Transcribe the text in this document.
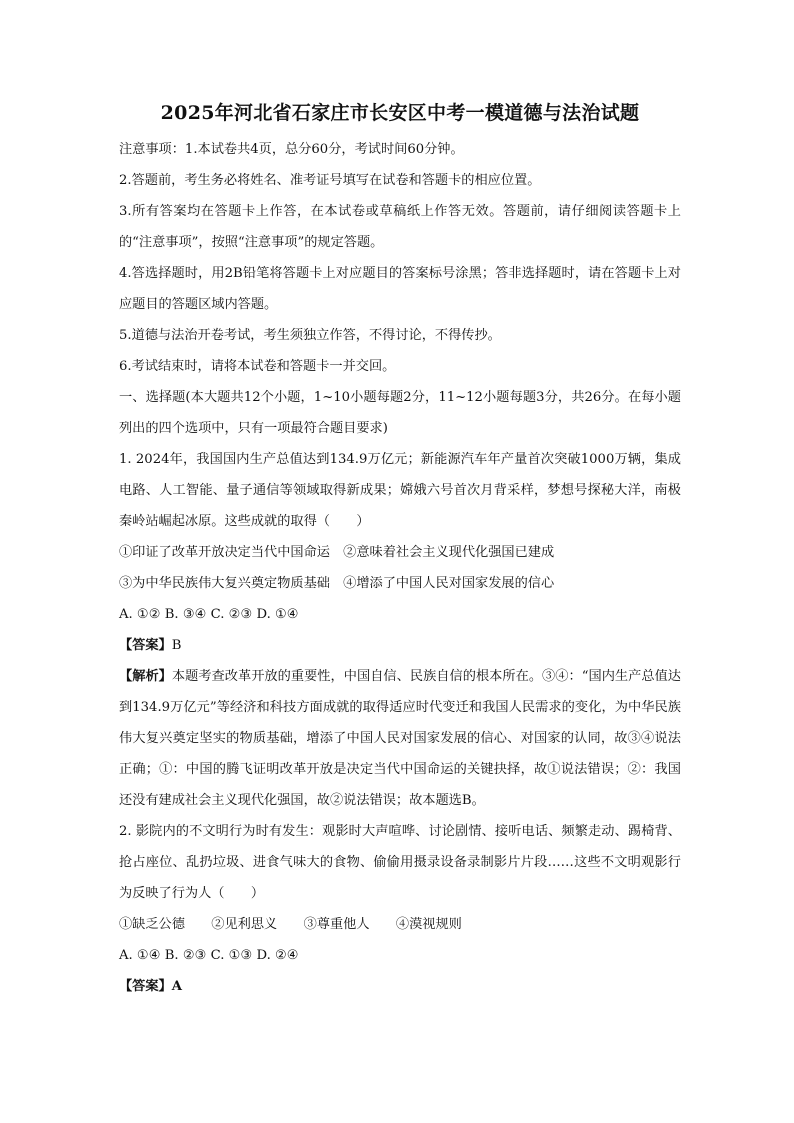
2025年河北省石家庄市长安区中考一模道德与法治试题

注意事项：1.本试卷共4页，总分60分，考试时间60分钟。

2.答题前，考生务必将姓名、准考证号填写在试卷和答题卡的相应位置。

3.所有答案均在答题卡上作答，在本试卷或草稿纸上作答无效。答题前，请仔细阅读答题卡上的“注意事项”，按照“注意事项”的规定答题。

4.答选择题时，用2B铅笔将答题卡上对应题目的答案标号涂黑；答非选择题时，请在答题卡上对应题目的答题区域内答题。

5.道德与法治开卷考试，考生须独立作答，不得讨论，不得传抄。

6.考试结束时，请将本试卷和答题卡一并交回。

一、选择题(本大题共12个小题，1~10小题每题2分，11~12小题每题3分，共26分。在每小题列出的四个选项中，只有一项最符合题目要求)

1. 2024年，我国国内生产总值达到134.9万亿元；新能源汽车年产量首次突破1000万辆，集成电路、人工智能、量子通信等领域取得新成果；嫦娥六号首次月背采样，梦想号探秘大洋，南极秦岭站崛起冰原。这些成就的取得（　　）

①印证了改革开放决定当代中国命运　②意味着社会主义现代化强国已建成

③为中华民族伟大复兴奠定物质基础　④增添了中国人民对国家发展的信心

A. ①② B. ③④ C. ②③ D. ①④

【答案】B

【解析】本题考查改革开放的重要性，中国自信、民族自信的根本所在。③④：“国内生产总值达到134.9万亿元”等经济和科技方面成就的取得适应时代变迁和我国人民需求的变化，为中华民族伟大复兴奠定坚实的物质基础，增添了中国人民对国家发展的信心、对国家的认同，故③④说法正确；①：中国的腾飞证明改革开放是决定当代中国命运的关键抉择，故①说法错误；②：我国还没有建成社会主义现代化强国，故②说法错误；故本题选B。

2. 影院内的不文明行为时有发生：观影时大声喧哗、讨论剧情、接听电话、频繁走动、踢椅背、抢占座位、乱扔垃圾、进食气味大的食物、偷偷用摄录设备录制影片片段……这些不文明观影行为反映了行为人（　　）

①缺乏公德　　②见利思义　　③尊重他人　　④漠视规则

A. ①④ B. ②③ C. ①③ D. ②④

【答案】A
